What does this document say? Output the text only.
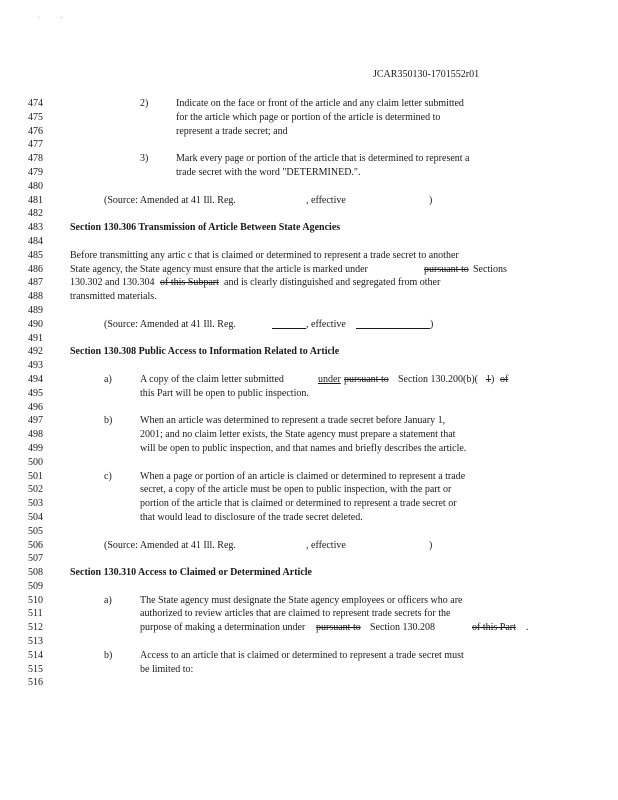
. .
JCAR350130-1701552r01
474	2)	Indicate on the face or front of the article and any claim letter submitted
475	for the article which page or portion of the article is determined to
476	represent a trade secret; and
477
478	3)	Mark every page or portion of the article that is determined to represent a
479	trade secret with the word "DETERMINED.".
480
481	(Source: Amended at 41 Ill. Reg.	, effective	)
482
483	Section 130.306 Transmission of Article Between State Agencies
484
485	Before transmitting any artic c that is claimed or determined to represent a trade secret to another
486	State agency, the State agency must ensure that the article is marked under	pursuant to Sections
487	130.302 and 130.304 of this Subpart and is clearly distinguished and segregated from other
488	transmitted materials.
489
490	(Source: Amended at 41 Ill. Reg.	, effective	)
491
492	Section 130.308 Public Access to Information Related to Article
493
494	a)	A copy of the claim letter submitted	under pursuant to Section 130.200(b)( 1 ) of
495	this Part will be open to public inspection.
496
497	b)	When an article was determined to represent a trade secret before January 1,
498	2001; and no claim letter exists, the State agency must prepare a statement that
499	will be open to public inspection, and that names and briefly describes the article.
500
501	c)	When a page or portion of an article is claimed or determined to represent a trade
502	secret, a copy of the article must be open to public inspection, with the part or
503	portion of the article that is claimed or determined to represent a trade secret or
504	that would lead to disclosure of the trade secret deleted.
505
506	(Source: Amended at 41 Ill. Reg.	, effective	)
507
508	Section 130.310 Access to Claimed or Determined Article
509
510	a)	The State agency must designate the State agency employees or officers who are
511	authorized to review articles that are claimed to represent trade secrets for the
512	purpose of making a determination under pursuant to Section 130.208	of this Part .
513
514	b)	Access to an article that is claimed or determined to represent a trade secret must
515	be limited to:
516
